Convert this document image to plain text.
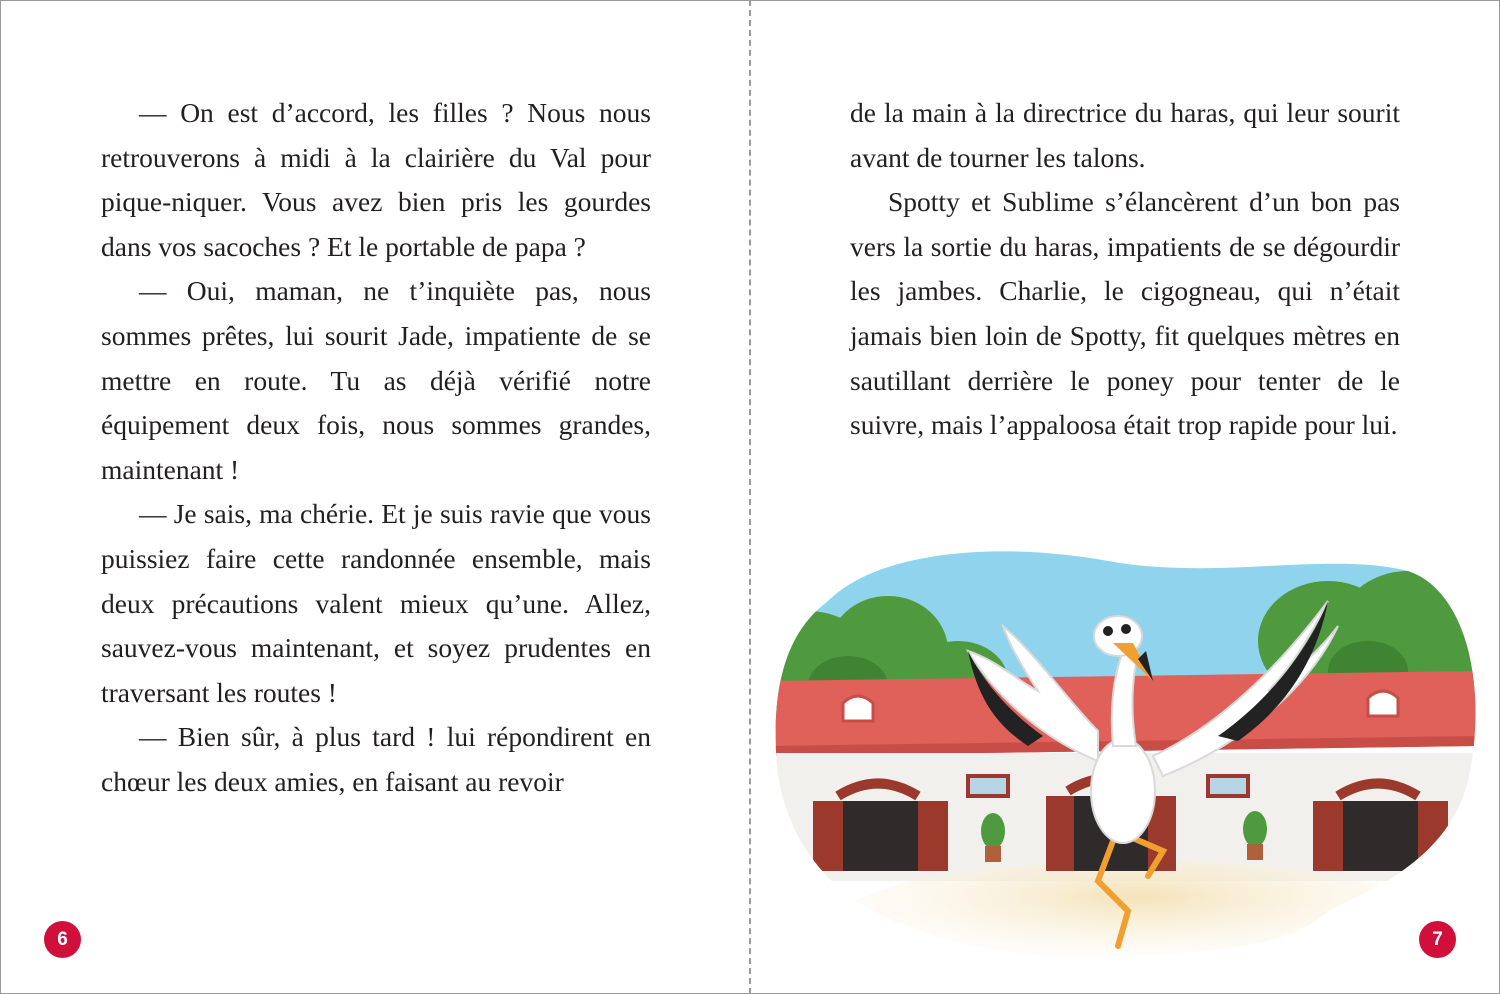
— On est d’accord, les filles ? Nous nous retrouverons à midi à la clairière du Val pour pique-niquer. Vous avez bien pris les gourdes dans vos sacoches ? Et le portable de papa ?

— Oui, maman, ne t’inquiète pas, nous sommes prêtes, lui sourit Jade, impatiente de se mettre en route. Tu as déjà vérifié notre équipement deux fois, nous sommes grandes, maintenant !

— Je sais, ma chérie. Et je suis ravie que vous puissiez faire cette randonnée ensemble, mais deux précautions valent mieux qu’une. Allez, sauvez-vous maintenant, et soyez prudentes en traversant les routes !

— Bien sûr, à plus tard ! lui répondirent en chœur les deux amies, en faisant au revoir

6

de la main à la directrice du haras, qui leur sourit avant de tourner les talons.

Spotty et Sublime s’élancèrent d’un bon pas vers la sortie du haras, impatients de se dégourdir les jambes. Charlie, le cigogneau, qui n’était jamais bien loin de Spotty, fit quelques mètres en sautillant derrière le poney pour tenter de le suivre, mais l’appaloosa était trop rapide pour lui.

7
